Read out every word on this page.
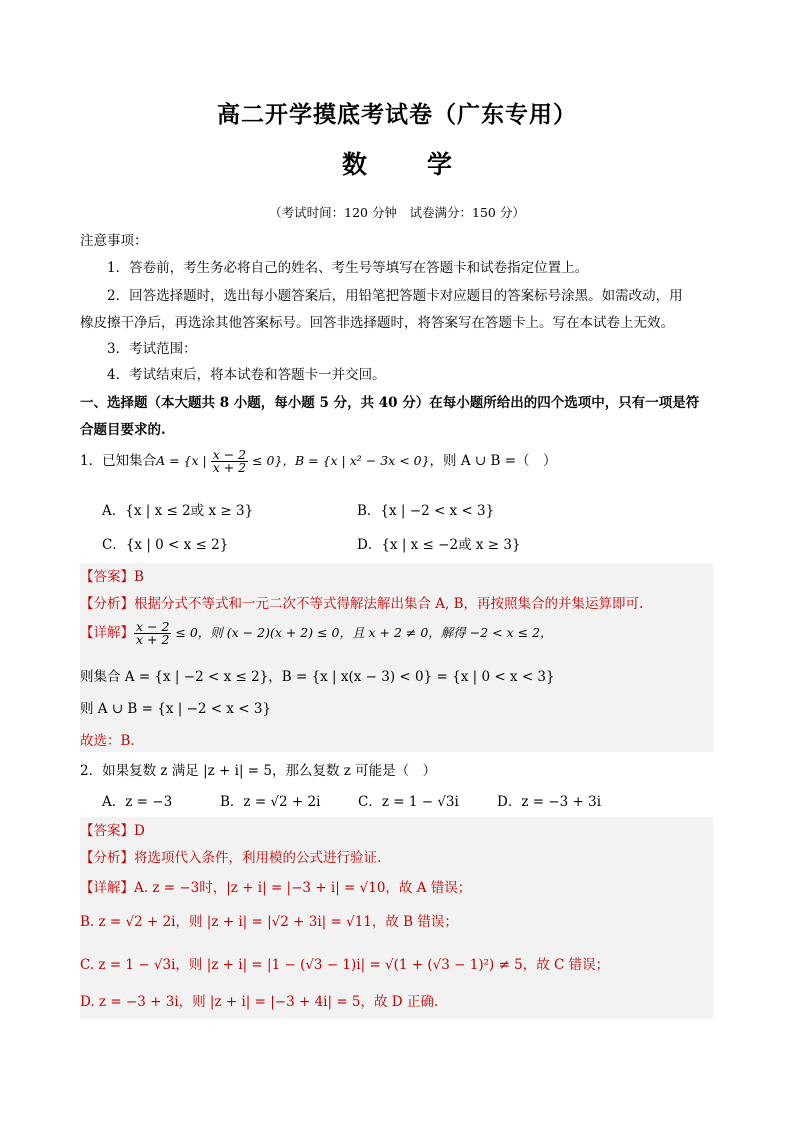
高二开学摸底考试卷（广东专用）
数学
（考试时间：120 分钟　试卷满分：150 分）
注意事项：
1．答卷前，考生务必将自己的姓名、考生号等填写在答题卡和试卷指定位置上。
2．回答选择题时，选出每小题答案后，用铅笔把答题卡对应题目的答案标号涂黑。如需改动，用
橡皮擦干净后，再选涂其他答案标号。回答非选择题时，将答案写在答题卡上。写在本试卷上无效。
3．考试范围：
4．考试结束后，将本试卷和答题卡一并交回。
一、选择题（本大题共 8 小题，每小题 5 分，共 40 分）在每小题所给出的四个选项中，只有一项是符
合题目要求的.
1．已知集合A = {x | $\frac{x - 2}{x + 2} \le 0$}，B = {x | x² − 3x < 0}，则 A ∪ B =（　）
A．{x | x ≤ 2或 x ≥ 3}	B．{x | −2 < x < 3}
C．{x | 0 < x ≤ 2}	D．{x | x ≤ −2或 x ≥ 3}
【答案】B
【分析】根据分式不等式和一元二次不等式得解法解出集合 A, B，再按照集合的并集运算即可.
【详解】 $\frac{x - 2}{x + 2} \le 0$，则 (x − 2)(x + 2) ≤ 0，且 x + 2 ≠ 0，解得 −2 < x ≤ 2，
则集合 A = {x | −2 < x ≤ 2}，B = {x | x(x − 3) < 0} = {x | 0 < x < 3}
则 A ∪ B = {x | −2 < x < 3}
故选：B.
2．如果复数 z 满足 |z + i| = 5，那么复数 z 可能是（　）
A．z = −3	B．z = √2 + 2i	C．z = 1 − √3i	D．z = −3 + 3i
【答案】D
【分析】将选项代入条件，利用模的公式进行验证.
【详解】A. z = −3时，|z + i| = |−3 + i| = √10，故 A 错误；
B. z = √2 + 2i，则 |z + i| = |√2 + 3i| = √11，故 B 错误；
C. z = 1 − √3i，则 |z + i| = |1 − (√3 − 1)i| = √(1 + (√3 − 1)²) ≠ 5，故 C 错误；
D. z = −3 + 3i，则 |z + i| = |−3 + 4i| = 5，故 D 正确.
